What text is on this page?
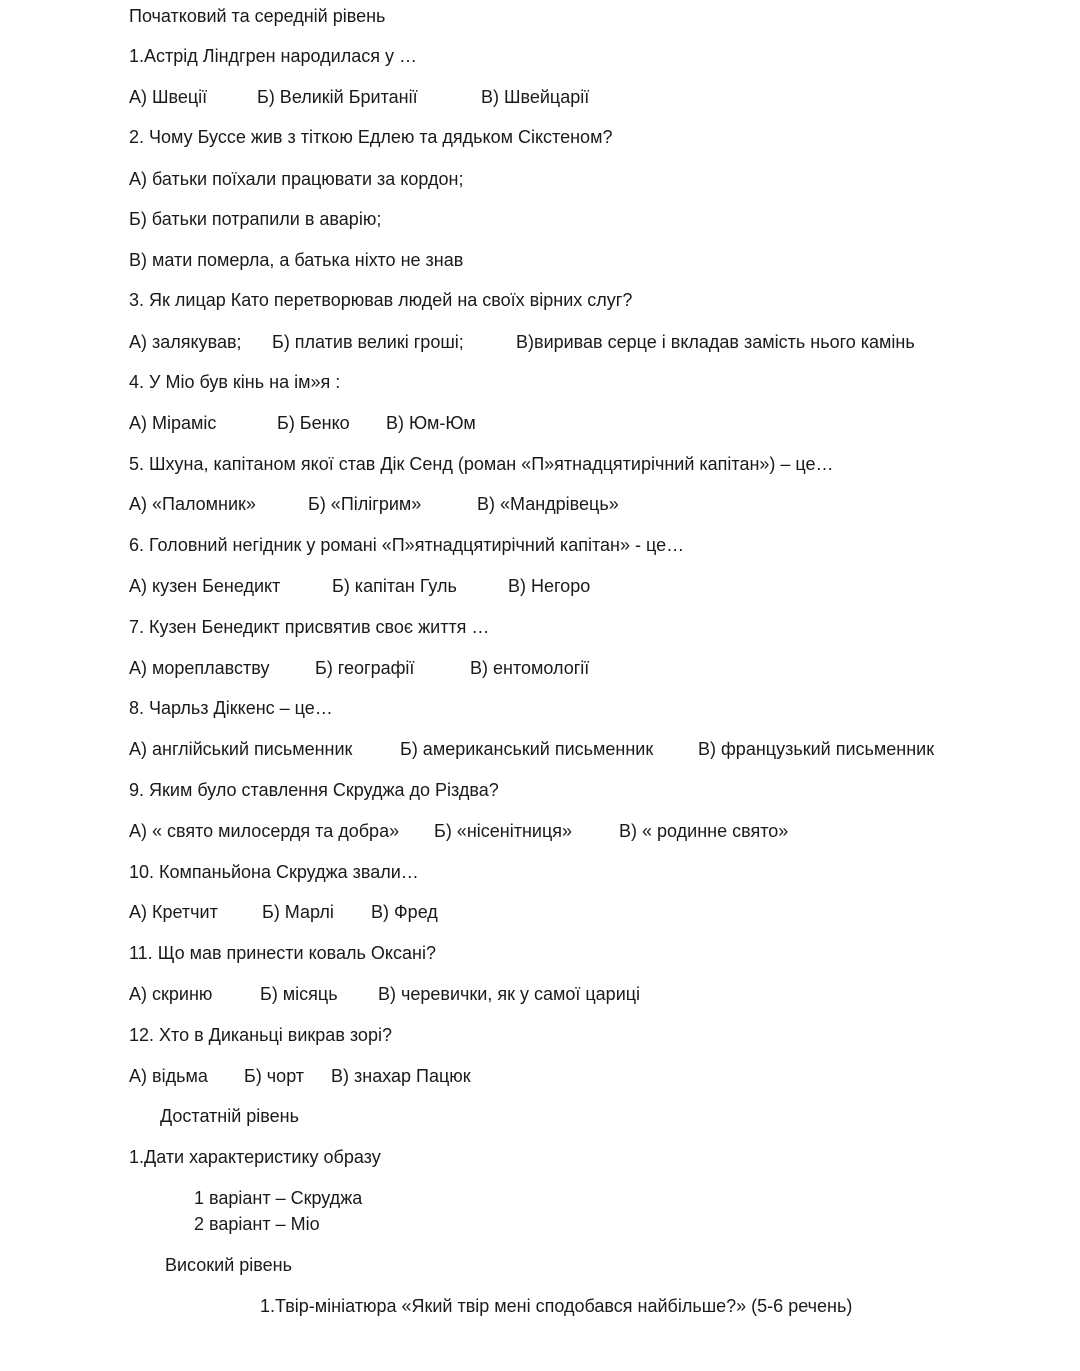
Початковий та середній рівень
1.Астрід Ліндгрен народилася у …
А) Швеції	Б) Великій Британії	В) Швейцарії
2. Чому Буссе жив з тіткою Едлею та дядьком Сікстеном?
А) батьки поїхали працювати за кордон;
Б) батьки потрапили в аварію;
В) мати померла, а батька ніхто не знав
3. Як лицар Като перетворював людей на своїх вірних слуг?
А) залякував; Б) платив великі гроші;	В)виривав серце і вкладав замість нього камінь
4. У Міо був кінь на ім»я :
А) Міраміс	Б) Бенко В) Юм-Юм
5. Шхуна, капітаном якої став Дік Сенд (роман «П»ятнадцятирічний капітан») – це…
А) «Паломник»	Б) «Пілігрим»	В) «Мандрівець»
6. Головний негідник у романі «П»ятнадцятирічний капітан» - це…
А) кузен Бенедикт	Б) капітан Гуль	В) Негоро
7. Кузен Бенедикт присвятив своє життя …
А) мореплавству	Б) географії	В) ентомології
8. Чарльз Діккенс – це…
А) англійський письменник	Б) американський письменник В) французький письменник
9. Яким було ставлення Скруджа до Різдва?
А) « свято милосердя та добра» Б) «нісенітниця»	В) « родинне свято»
10. Компаньйона Скруджа звали…
А) Кретчит Б) Марлі В) Фред
11. Що мав принести коваль Оксані?
А) скриню	Б) місяць В) черевички, як у самої цариці
12. Хто в Диканьці викрав зорі?
А) відьма Б) чорт В) знахар Пацюк
Достатній рівень
1.Дати характеристику образу
1 варіант – Скруджа
2 варіант – Міо
Високий рівень
1.Твір-мініатюра «Який твір мені сподобався найбільше?» (5-6 речень)
